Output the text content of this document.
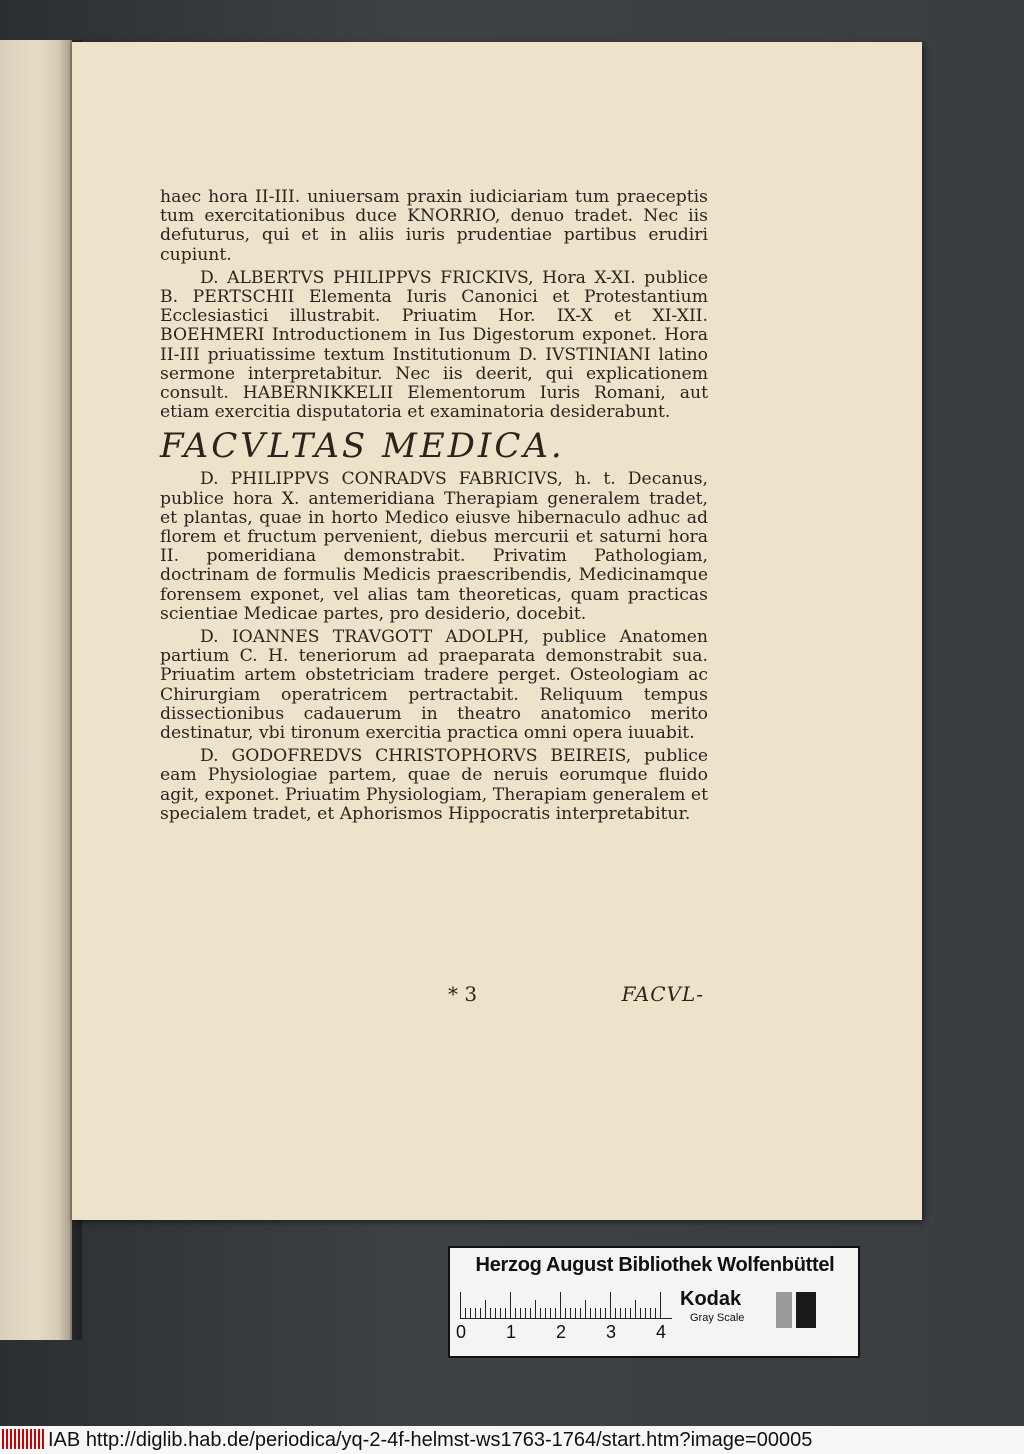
haec hora II-III. uniuersam praxin iudiciariam tum praeceptis tum exercitationibus duce KNORRIO, denuo tradet. Nec iis defuturus, qui et in aliis iuris prudentiae partibus erudiri cupiunt.

D. ALBERTVS PHILIPPVS FRICKIVS, Hora X-XI. publice B. PERTSCHII Elementa Iuris Canonici et Protestantium Ecclesiastici illustrabit. Priuatim Hor. IX-X et XI-XII. BOEHMERI Introductionem in Ius Digestorum exponet. Hora II-III priuatissime textum Institutionum D. IVSTINIANI latino sermone interpretabitur. Nec iis deerit, qui explicationem consult. HABERNIKKELII Elementorum Iuris Romani, aut etiam exercitia disputatoria et examinatoria desiderabunt.

FACVLTAS MEDICA.

D. PHILIPPVS CONRADVS FABRICIVS, h. t. Decanus, publice hora X. antemeridiana Therapiam generalem tradet, et plantas, quae in horto Medico eiusve hibernaculo adhuc ad florem et fructum pervenient, diebus mercurii et saturni hora II. pomeridiana demonstrabit. Privatim Pathologiam, doctrinam de formulis Medicis praescribendis, Medicinamque forensem exponet, vel alias tam theoreticas, quam practicas scientiae Medicae partes, pro desiderio, docebit.

D. IOANNES TRAVGOTT ADOLPH, publice Anatomen partium C. H. teneriorum ad praeparata demonstrabit sua. Priuatim artem obstetriciam tradere perget. Osteologiam ac Chirurgiam operatricem pertractabit. Reliquum tempus dissectionibus cadauerum in theatro anatomico merito destinatur, vbi tironum exercitia practica omni opera iuuabit.

D. GODOFREDVS CHRISTOPHORVS BEIREIS, publice eam Physiologiae partem, quae de neruis eorumque fluido agit, exponet. Priuatim Physiologiam, Therapiam generalem et specialem tradet, et Aphorismos Hippocratis interpretabitur.

* 3	FACVL-
Herzog August Bibliothek Wolfenbüttel
0 1 2 3 4
Kodak
Gray Scale
IAB http://diglib.hab.de/periodica/yq-2-4f-helmst-ws1763-1764/start.htm?image=00005
